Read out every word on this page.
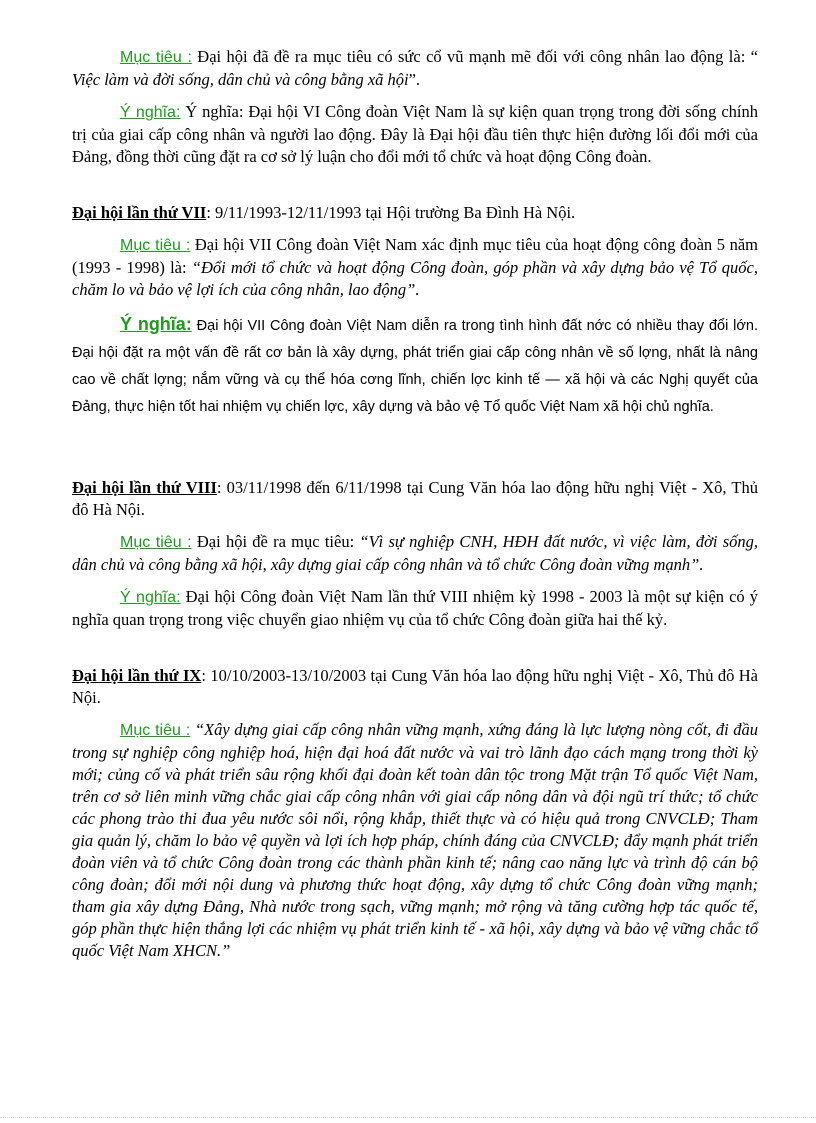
Mục tiêu : Đại hội đã đề ra mục tiêu có sức cổ vũ mạnh mẽ đối với công nhân lao động là: “ Việc làm và đời sống, dân chủ và công bằng xã hội”.

Ý nghĩa: Ý nghĩa: Đại hội VI Công đoàn Việt Nam là sự kiện quan trọng trong đời sống chính trị của giai cấp công nhân và người lao động. Đây là Đại hội đầu tiên thực hiện đường lối đổi mới của Đảng, đồng thời cũng đặt ra cơ sở lý luận cho đổi mới tổ chức và hoạt động Công đoàn.

Đại hội lần thứ VII: 9/11/1993-12/11/1993 tại Hội trường Ba Đình Hà Nội.

Mục tiêu : Đại hội VII Công đoàn Việt Nam xác định mục tiêu của hoạt động công đoàn 5 năm (1993 - 1998) là: “Đổi mới tổ chức và hoạt động Công đoàn, góp phần và xây dựng bảo vệ Tổ quốc, chăm lo và bảo vệ lợi ích của công nhân, lao động”.

Ý nghĩa: Đại hội VII Công đoàn Việt Nam diễn ra trong tình hình đất nớc có nhiều thay đổi lớn. Đại hội đặt ra một vấn đề rất cơ bản là xây dựng, phát triển giai cấp công nhân về số lợng, nhất là nâng cao về chất lợng; nắm vững và cụ thể hóa cơng lĩnh, chiến lợc kinh tế — xã hội và các Nghị quyết của Đảng, thực hiện tốt hai nhiệm vụ chiến lợc, xây dựng và bảo vệ Tổ quốc Việt Nam xã hội chủ nghĩa.

Đại hội lần thứ VIII: 03/11/1998 đến 6/11/1998 tại Cung Văn hóa lao động hữu nghị Việt - Xô, Thủ đô Hà Nội.

Mục tiêu : Đại hội đề ra mục tiêu: “Vì sự nghiệp CNH, HĐH đất nước, vì việc làm, đời sống, dân chủ và công bằng xã hội, xây dựng giai cấp công nhân và tổ chức Công đoàn vững mạnh”.

Ý nghĩa: Đại hội Công đoàn Việt Nam lần thứ VIII nhiệm kỳ 1998 - 2003 là một sự kiện có ý nghĩa quan trọng trong việc chuyển giao nhiệm vụ của tổ chức Công đoàn giữa hai thế kỷ.

Đại hội lần thứ IX: 10/10/2003-13/10/2003 tại Cung Văn hóa lao động hữu nghị Việt - Xô, Thủ đô Hà Nội.

Mục tiêu : “Xây dựng giai cấp công nhân vững mạnh, xứng đáng là lực lượng nòng cốt, đi đầu trong sự nghiệp công nghiệp hoá, hiện đại hoá đất nước và vai trò lãnh đạo cách mạng trong thời kỳ mới; củng cố và phát triển sâu rộng khối đại đoàn kết toàn dân tộc trong Mặt trận Tổ quốc Việt Nam, trên cơ sở liên minh vững chắc giai cấp công nhân với giai cấp nông dân và đội ngũ trí thức; tổ chức các phong trào thi đua yêu nước sôi nổi, rộng khắp, thiết thực và có hiệu quả trong CNVCLĐ; Tham gia quản lý, chăm lo bảo vệ quyền và lợi ích hợp pháp, chính đáng của CNVCLĐ; đẩy mạnh phát triển đoàn viên và tổ chức Công đoàn trong các thành phần kinh tế; nâng cao năng lực và trình độ cán bộ công đoàn; đổi mới nội dung và phương thức hoạt động, xây dựng tổ chức Công đoàn vững mạnh; tham gia xây dựng Đảng, Nhà nước trong sạch, vững mạnh; mở rộng và tăng cường hợp tác quốc tế, góp phần thực hiện thắng lợi các nhiệm vụ phát triển kinh tế - xã hội, xây dựng và bảo vệ vững chắc tổ quốc Việt Nam XHCN.”
